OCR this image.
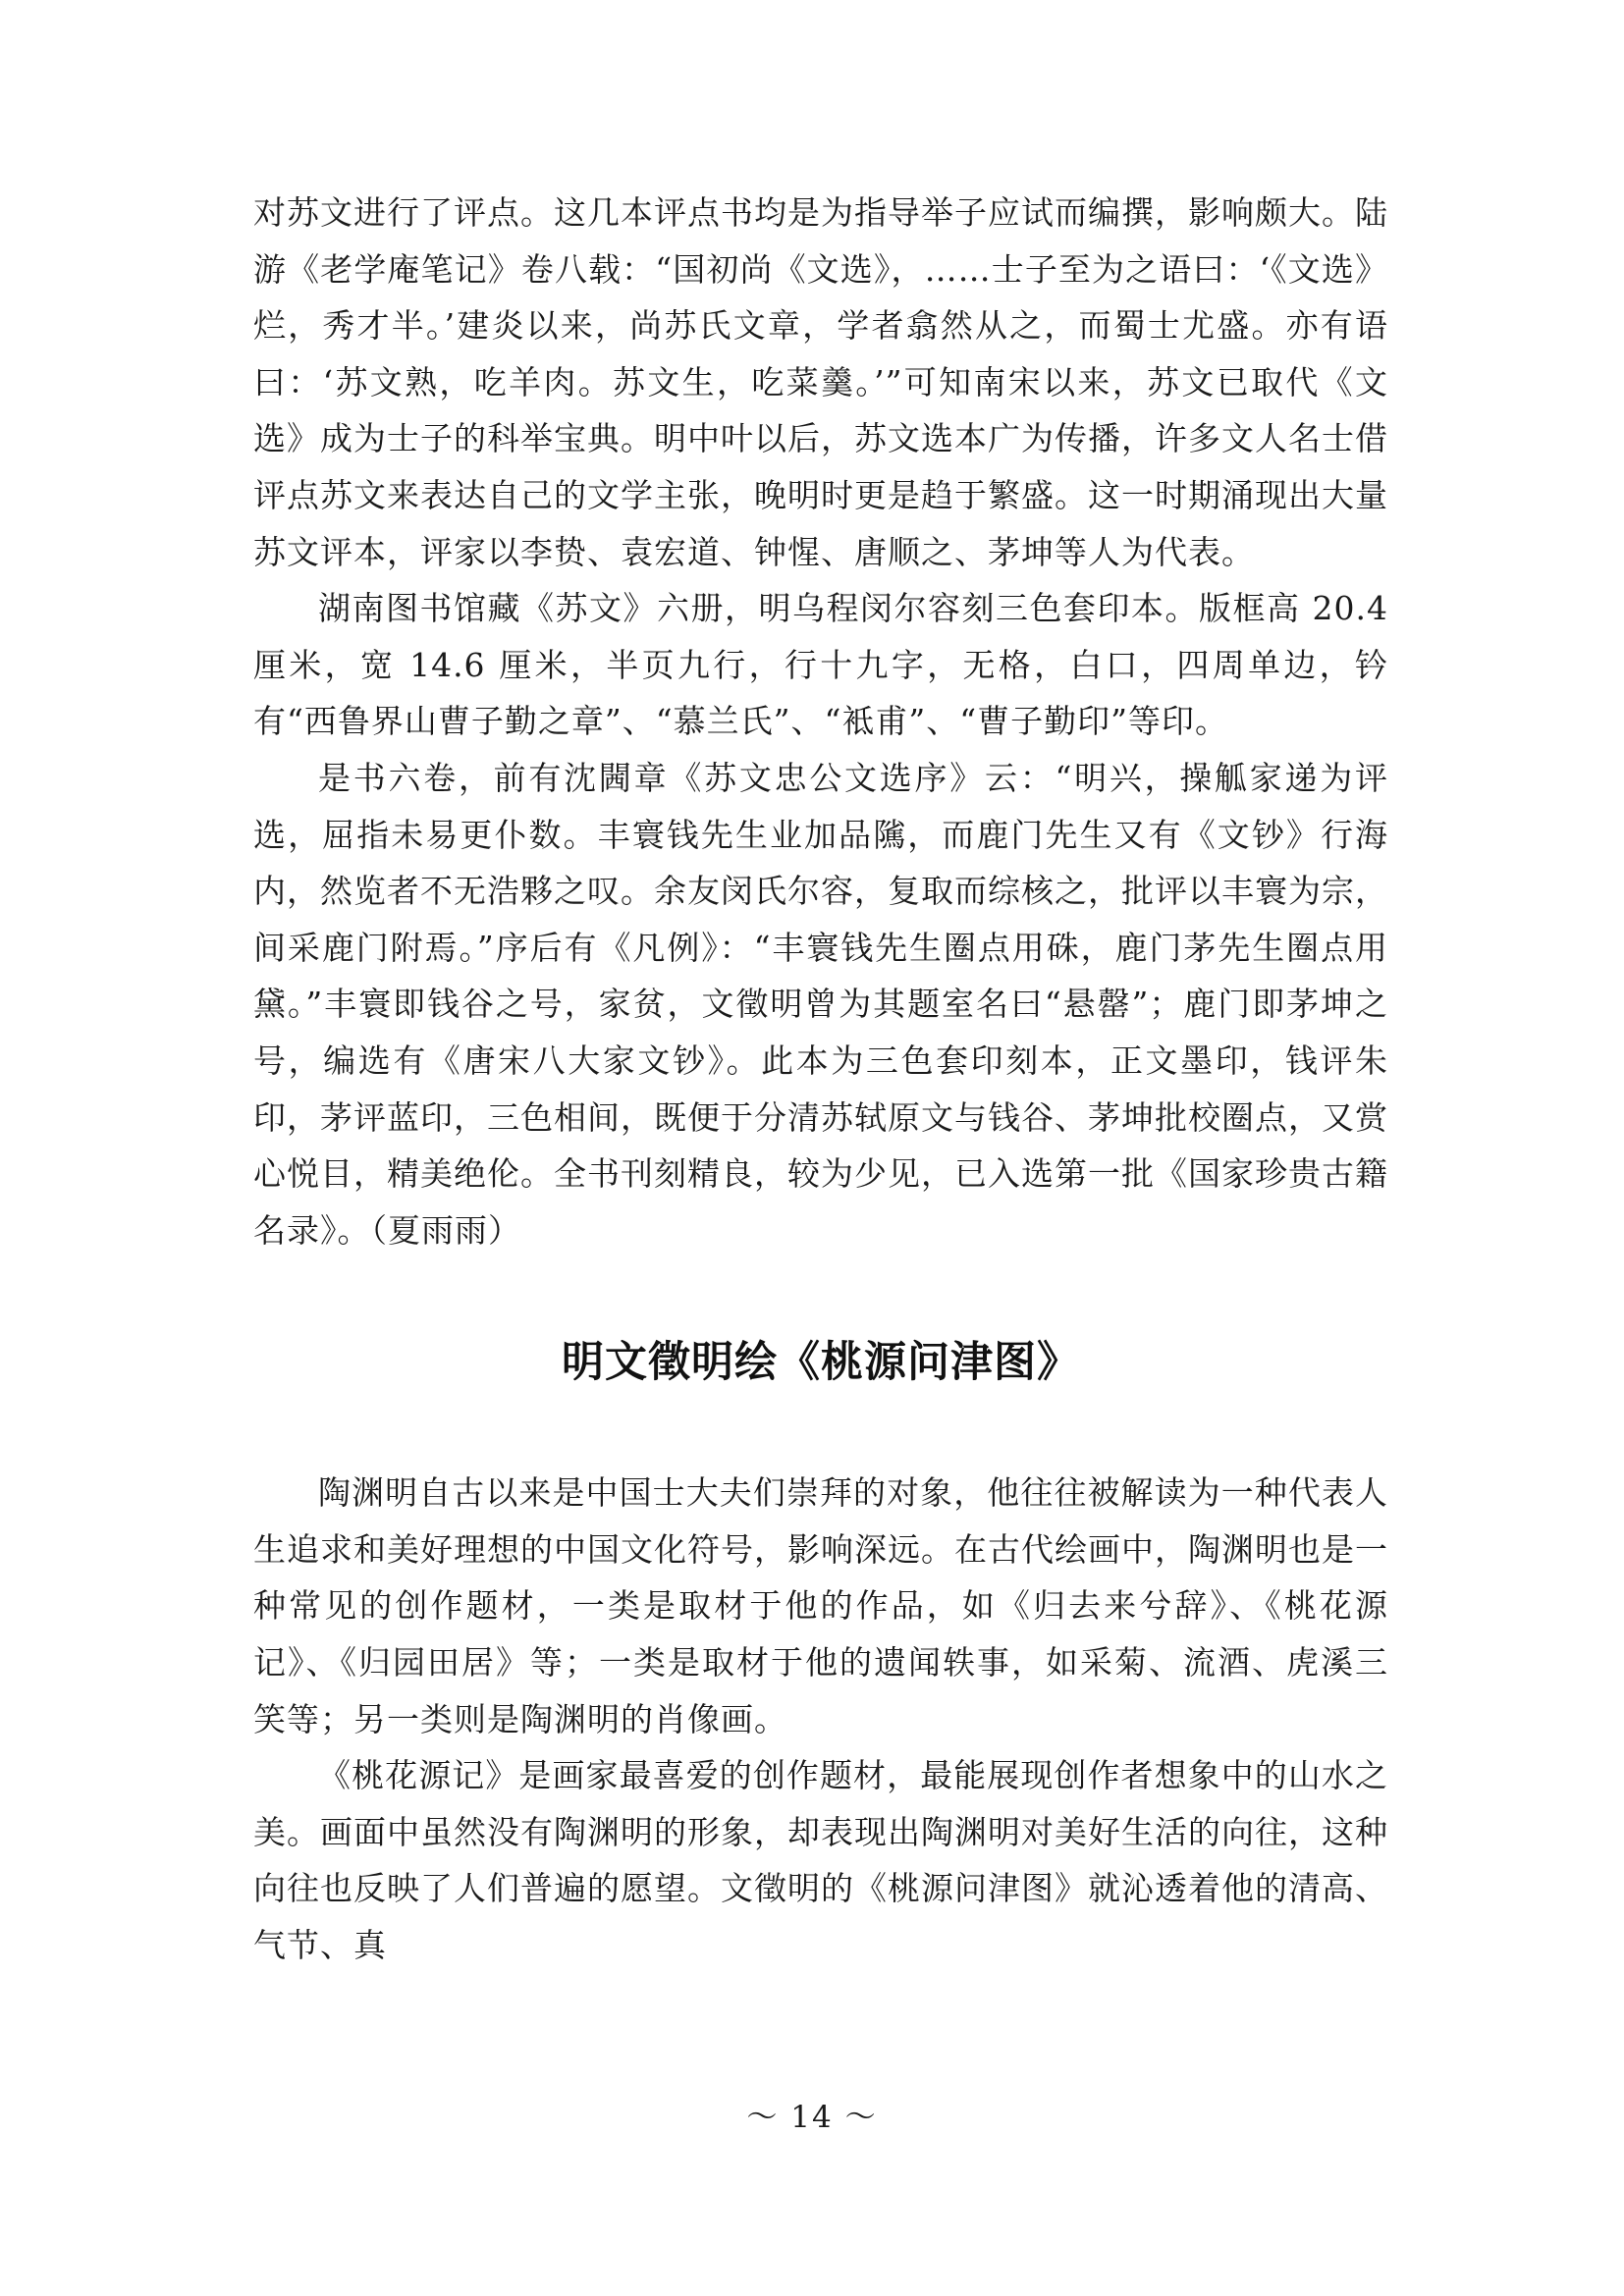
对苏文进行了评点。这几本评点书均是为指导举子应试而编撰，影响颇大。陆游《老学庵笔记》卷八载：“国初尚《文选》，……士子至为之语曰：‘《文选》烂，秀才半。’建炎以来，尚苏氏文章，学者翕然从之，而蜀士尤盛。亦有语曰：‘苏文熟，吃羊肉。苏文生，吃菜羹。’”可知南宋以来，苏文已取代《文选》成为士子的科举宝典。明中叶以后，苏文选本广为传播，许多文人名士借评点苏文来表达自己的文学主张，晚明时更是趋于繁盛。这一时期涌现出大量苏文评本，评家以李贽、袁宏道、钟惺、唐顺之、茅坤等人为代表。

湖南图书馆藏《苏文》六册，明乌程闵尔容刻三色套印本。版框高 20.4 厘米，宽 14.6 厘米，半页九行，行十九字，无格，白口，四周单边，钤有“西鲁界山曹子勤之章”、“慕兰氏”、“袛甫”、“曹子勤印”等印。

是书六卷，前有沈閪章《苏文忠公文选序》云：“明兴，操觚家递为评选，屈指未易更仆数。丰寰钱先生业加品隲，而鹿门先生又有《文钞》行海内，然览者不无浩夥之叹。余友闵氏尔容，复取而综核之，批评以丰寰为宗，间采鹿门附焉。”序后有《凡例》：“丰寰钱先生圈点用硃，鹿门茅先生圈点用黛。”丰寰即钱谷之号，家贫，文徵明曾为其题室名曰“悬罄”；鹿门即茅坤之号，编选有《唐宋八大家文钞》。此本为三色套印刻本，正文墨印，钱评朱印，茅评蓝印，三色相间，既便于分清苏轼原文与钱谷、茅坤批校圈点，又赏心悦目，精美绝伦。全书刊刻精良，较为少见，已入选第一批《国家珍贵古籍名录》。（夏雨雨）

明文徵明绘《桃源问津图》

陶渊明自古以来是中国士大夫们崇拜的对象，他往往被解读为一种代表人生追求和美好理想的中国文化符号，影响深远。在古代绘画中，陶渊明也是一种常见的创作题材，一类是取材于他的作品，如《归去来兮辞》、《桃花源记》、《归园田居》等；一类是取材于他的遗闻轶事，如采菊、流酒、虎溪三笑等；另一类则是陶渊明的肖像画。

《桃花源记》是画家最喜爱的创作题材，最能展现创作者想象中的山水之美。画面中虽然没有陶渊明的形象，却表现出陶渊明对美好生活的向往，这种向往也反映了人们普遍的愿望。文徵明的《桃源问津图》就沁透着他的清高、气节、真

～ 14 ～
